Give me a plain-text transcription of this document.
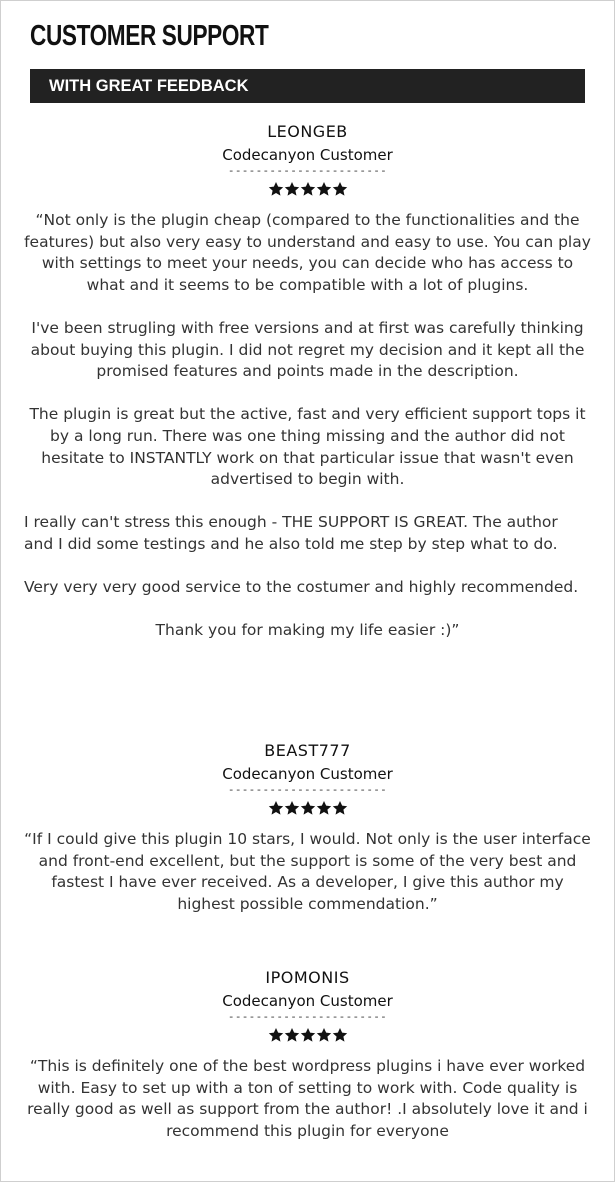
CUSTOMER SUPPORT
WITH GREAT FEEDBACK
LEONGEB
Codecanyon Customer
-----------------------

“Not only is the plugin cheap (compared to the functionalities and the features) but also very easy to understand and easy to use. You can play with settings to meet your needs, you can decide who has access to what and it seems to be compatible with a lot of plugins.

I've been strugling with free versions and at first was carefully thinking about buying this plugin. I did not regret my decision and it kept all the promised features and points made in the description.

The plugin is great but the active, fast and very efficient support tops it by a long run. There was one thing missing and the author did not hesitate to INSTANTLY work on that particular issue that wasn't even advertised to begin with.

I really can't stress this enough - THE SUPPORT IS GREAT. The author and I did some testings and he also told me step by step what to do.

Very very very good service to the costumer and highly recommended.

Thank you for making my life easier :)”

BEAST777
Codecanyon Customer
-----------------------

“If I could give this plugin 10 stars, I would. Not only is the user interface and front-end excellent, but the support is some of the very best and fastest I have ever received. As a developer, I give this author my highest possible commendation.”

IPOMONIS
Codecanyon Customer
-----------------------

“This is definitely one of the best wordpress plugins i have ever worked with. Easy to set up with a ton of setting to work with. Code quality is really good as well as support from the author! .I absolutely love it and i recommend this plugin for everyone
